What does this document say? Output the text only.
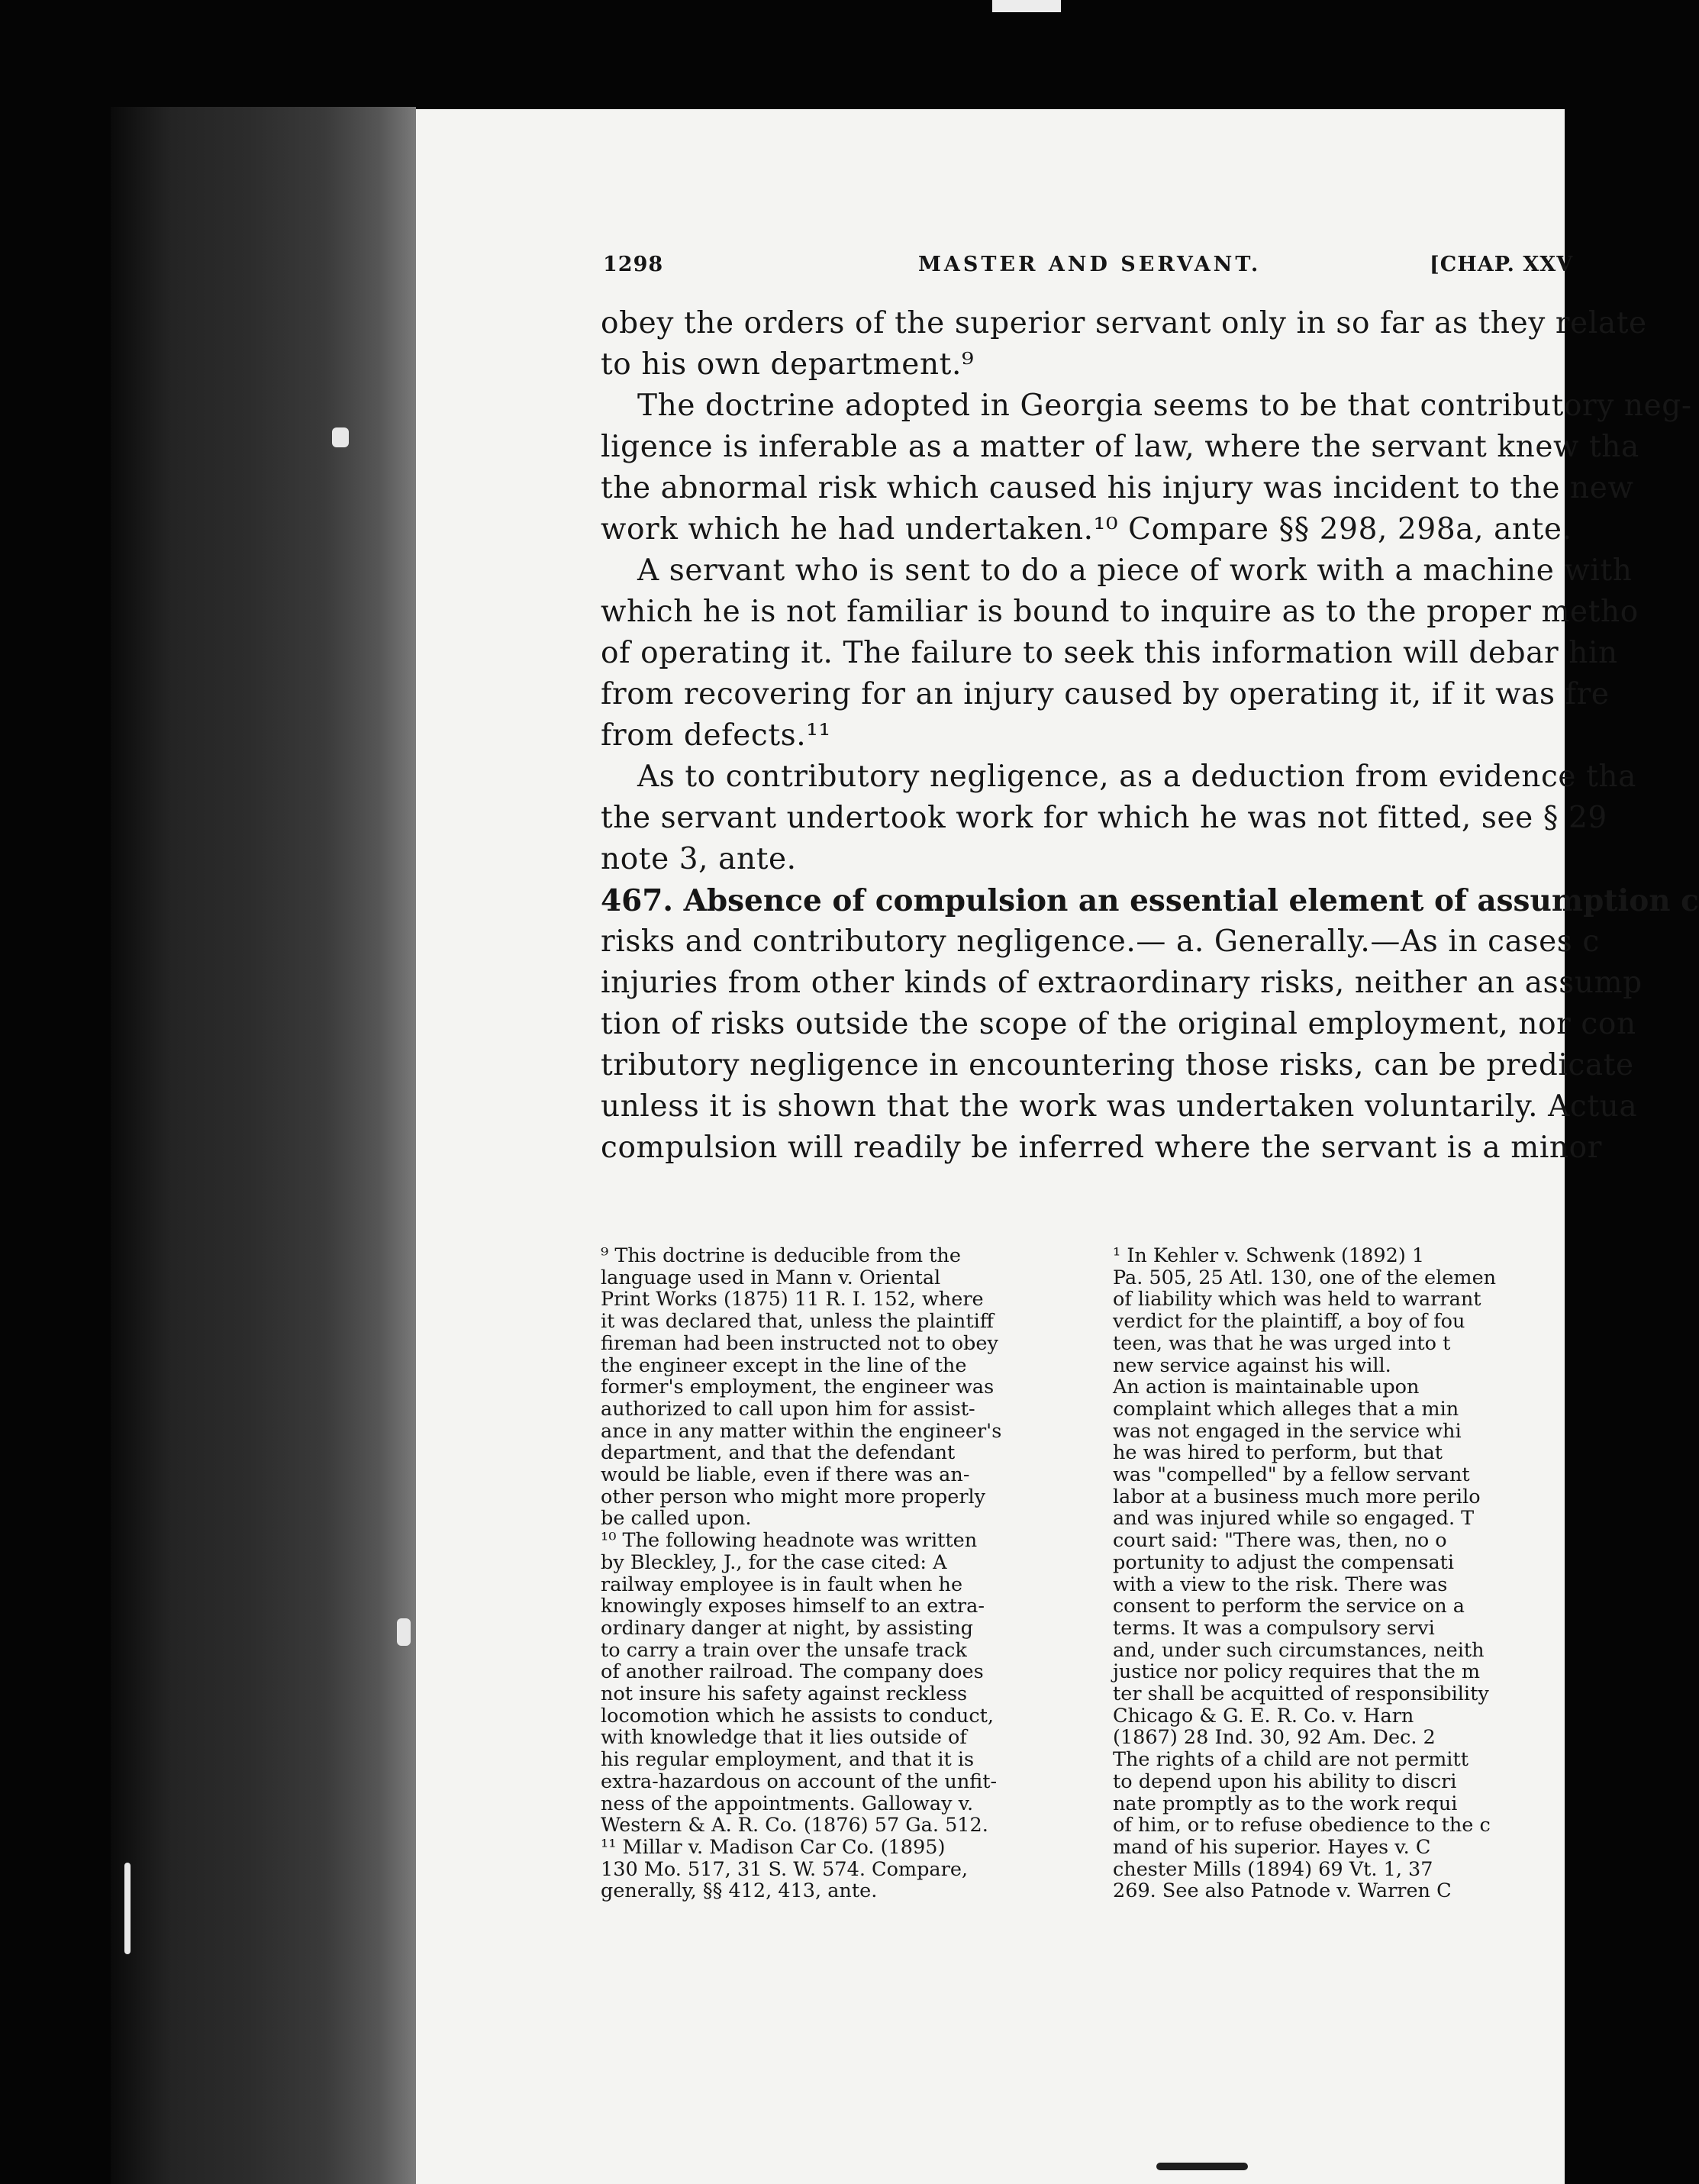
1298	MASTER AND SERVANT.	[CHAP. XXV

obey the orders of the superior servant only in so far as they relate

to his own department.⁹

The doctrine adopted in Georgia seems to be that contributory neg-

ligence is inferable as a matter of law, where the servant knew tha

the abnormal risk which caused his injury was incident to the new

work which he had undertaken.¹⁰ Compare §§ 298, 298a, ante.

A servant who is sent to do a piece of work with a machine with

which he is not familiar is bound to inquire as to the proper metho

of operating it. The failure to seek this information will debar hin

from recovering for an injury caused by operating it, if it was fre

from defects.¹¹

As to contributory negligence, as a deduction from evidence tha

the servant undertook work for which he was not fitted, see § 29

note 3, ante.

467. Absence of compulsion an essential element of assumption c

risks and contributory negligence.— a. Generally.—As in cases c

injuries from other kinds of extraordinary risks, neither an assump

tion of risks outside the scope of the original employment, nor con

tributory negligence in encountering those risks, can be predicate

unless it is shown that the work was undertaken voluntarily. Actua

compulsion will readily be inferred where the servant is a minor

⁹ This doctrine is deducible from the

language used in Mann v. Oriental

Print Works (1875) 11 R. I. 152, where

it was declared that, unless the plaintiff

fireman had been instructed not to obey

the engineer except in the line of the

former's employment, the engineer was

authorized to call upon him for assist-

ance in any matter within the engineer's

department, and that the defendant

would be liable, even if there was an-

other person who might more properly

be called upon.

¹⁰ The following headnote was written

by Bleckley, J., for the case cited: A

railway employee is in fault when he

knowingly exposes himself to an extra-

ordinary danger at night, by assisting

to carry a train over the unsafe track

of another railroad. The company does

not insure his safety against reckless

locomotion which he assists to conduct,

with knowledge that it lies outside of

his regular employment, and that it is

extra-hazardous on account of the unfit-

ness of the appointments. Galloway v.

Western & A. R. Co. (1876) 57 Ga. 512.

¹¹ Millar v. Madison Car Co. (1895)

130 Mo. 517, 31 S. W. 574. Compare,

generally, §§ 412, 413, ante.

¹ In Kehler v. Schwenk (1892) 1

Pa. 505, 25 Atl. 130, one of the elemen

of liability which was held to warrant

verdict for the plaintiff, a boy of fou

teen, was that he was urged into t

new service against his will.

An action is maintainable upon

complaint which alleges that a min

was not engaged in the service whi

he was hired to perform, but that

was "compelled" by a fellow servant

labor at a business much more perilo

and was injured while so engaged. T

court said: "There was, then, no o

portunity to adjust the compensati

with a view to the risk. There was

consent to perform the service on a

terms. It was a compulsory servi

and, under such circumstances, neith

justice nor policy requires that the m

ter shall be acquitted of responsibility

Chicago & G. E. R. Co. v. Harn

(1867) 28 Ind. 30, 92 Am. Dec. 2

The rights of a child are not permitt

to depend upon his ability to discri

nate promptly as to the work requi

of him, or to refuse obedience to the c

mand of his superior. Hayes v. C

chester Mills (1894) 69 Vt. 1, 37

269. See also Patnode v. Warren C
